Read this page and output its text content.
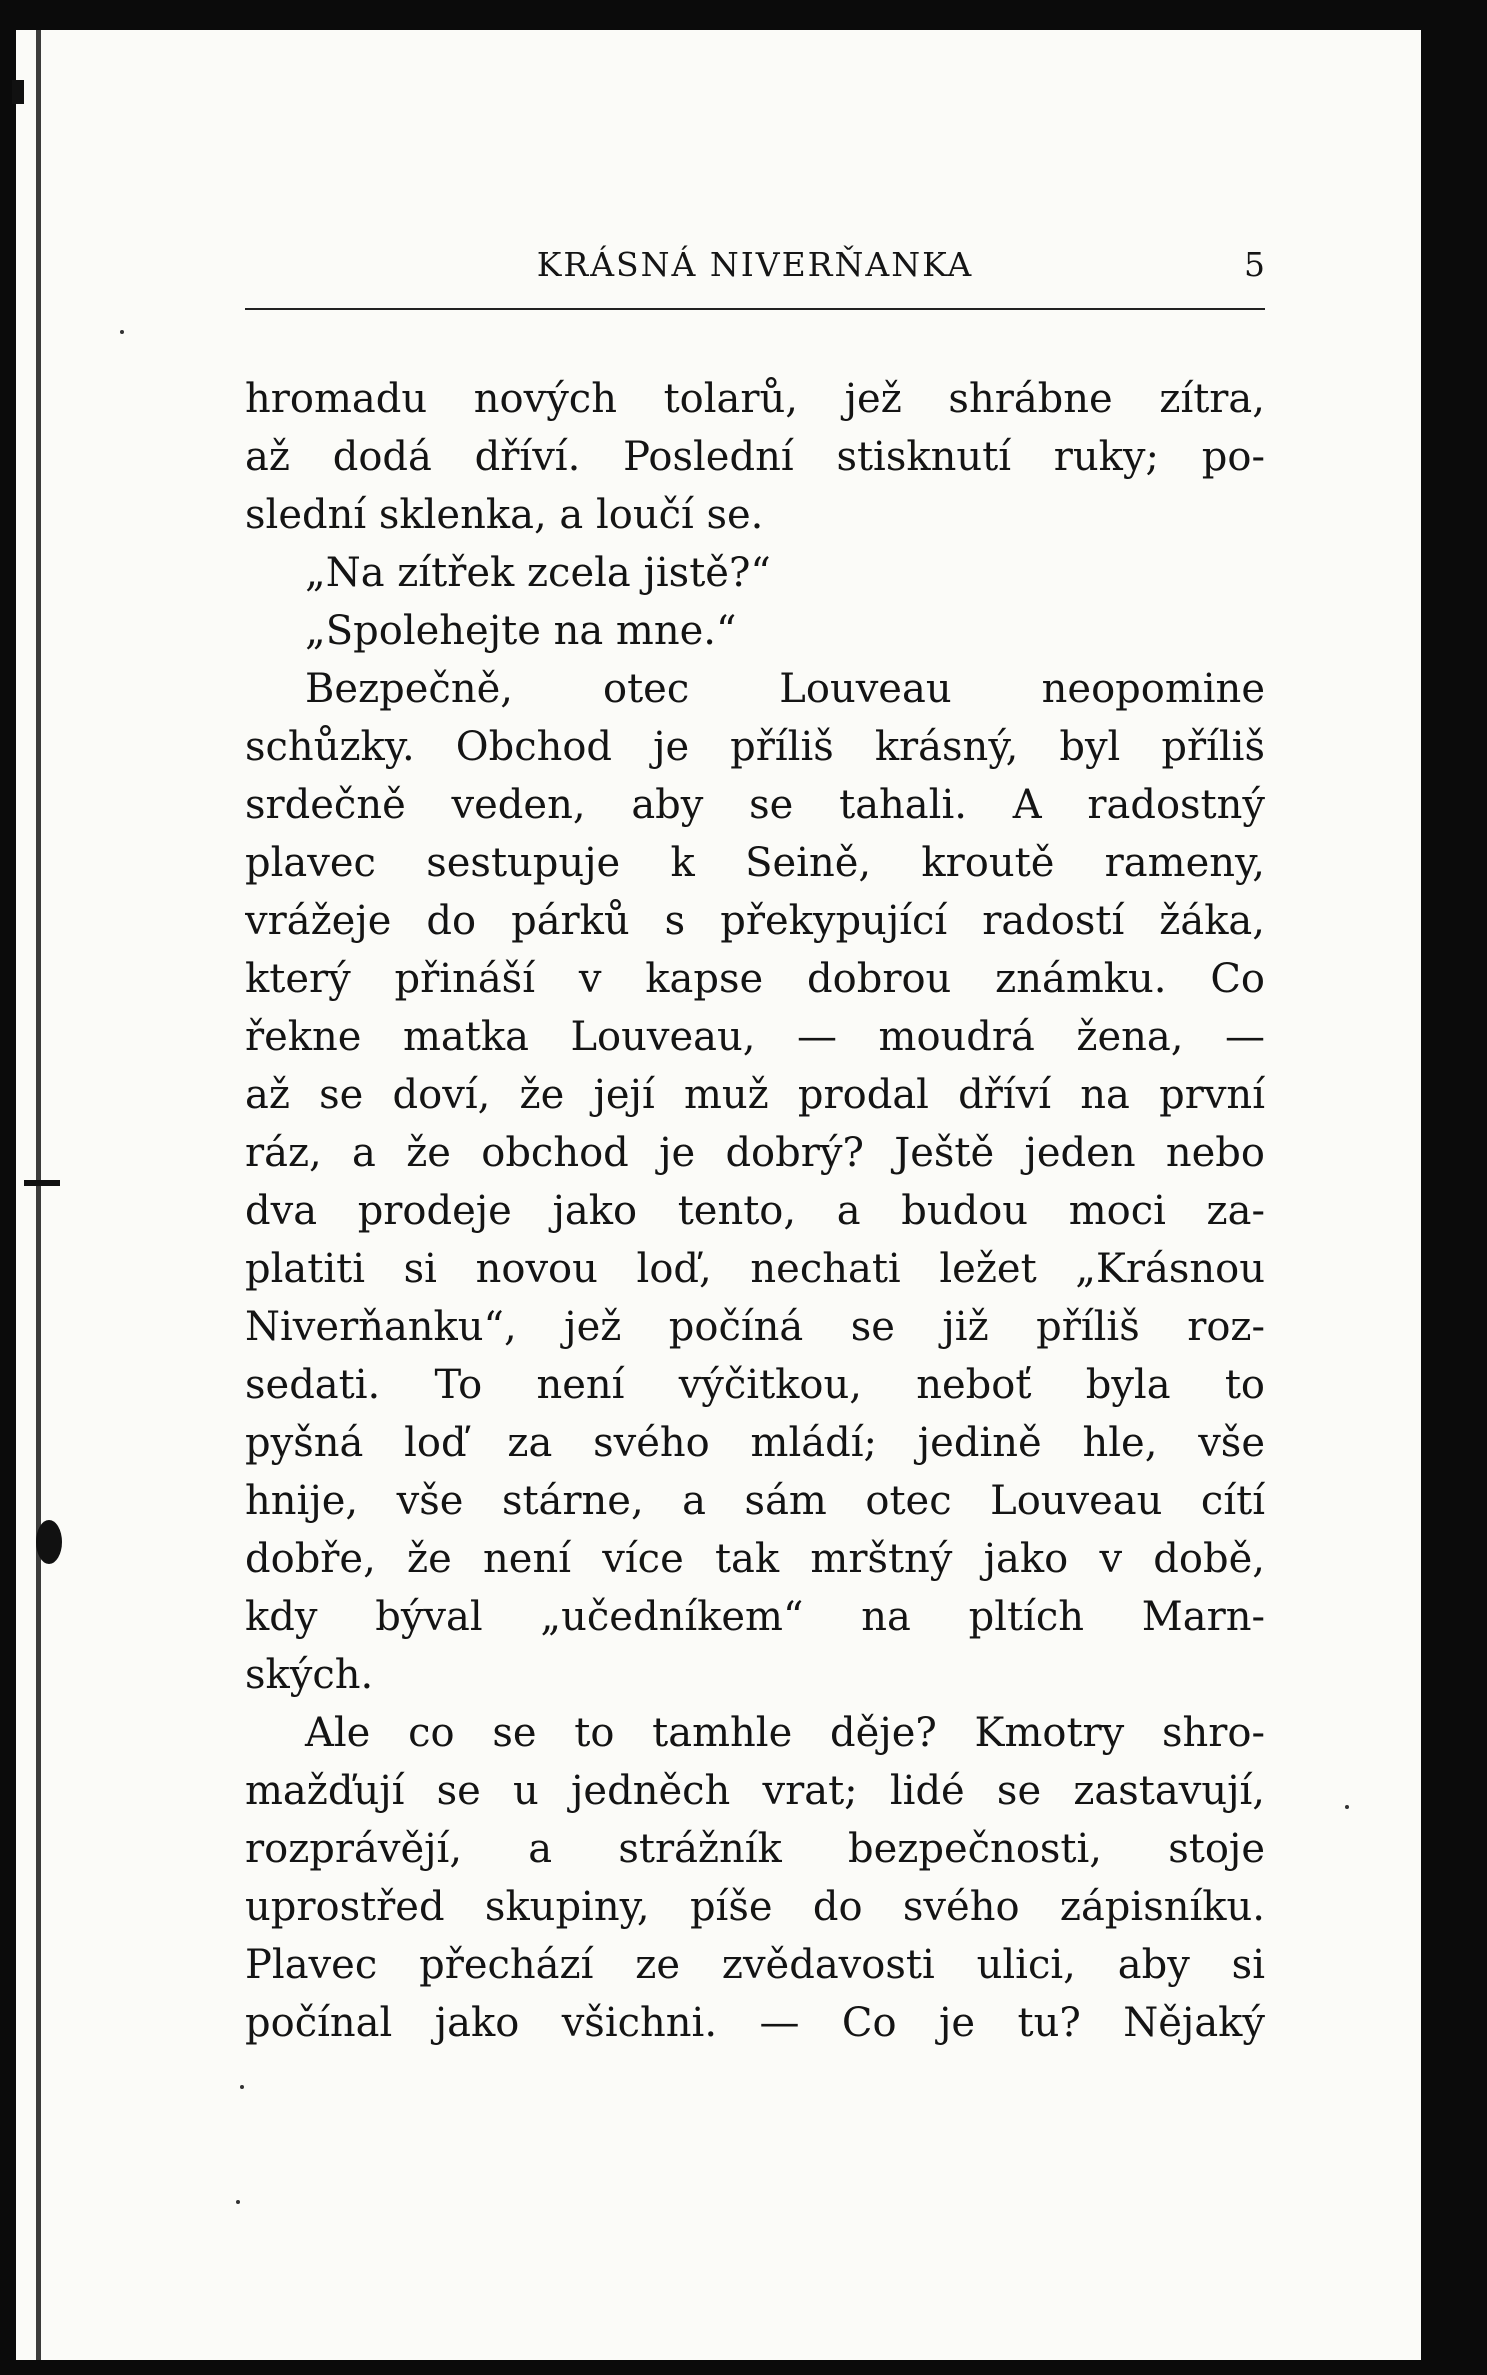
KRÁSNÁ NIVERŇANKA	5
hromadu nových tolarů, jež shrábne zítra,
až dodá dříví. Poslední stisknutí ruky; po-
slední sklenka, a loučí se.
„Na zítřek zcela jistě?“
„Spolehejte na mne.“
Bezpečně, otec Louveau neopomine
schůzky. Obchod je příliš krásný, byl příliš
srdečně veden, aby se tahali. A radostný
plavec sestupuje k Seině, kroutě rameny,
vrážeje do párků s překypující radostí žáka,
který přináší v kapse dobrou známku. Co
řekne matka Louveau, — moudrá žena, —
až se doví, že její muž prodal dříví na první
ráz, a že obchod je dobrý? Ještě jeden nebo
dva prodeje jako tento, a budou moci za-
platiti si novou loď, nechati ležet „Krásnou
Niverňanku“, jež počíná se již příliš roz-
sedati. To není výčitkou, neboť byla to
pyšná loď za svého mládí; jedině hle, vše
hnije, vše stárne, a sám otec Louveau cítí
dobře, že není více tak mrštný jako v době,
kdy býval „učedníkem“ na pltích Marn-
ských.
Ale co se to tamhle děje? Kmotry shro-
mažďují se u jedněch vrat; lidé se zastavují,
rozprávějí, a strážník bezpečnosti, stoje
uprostřed skupiny, píše do svého zápisníku.
Plavec přechází ze zvědavosti ulici, aby si
počínal jako všichni. — Co je tu? Nějaký
